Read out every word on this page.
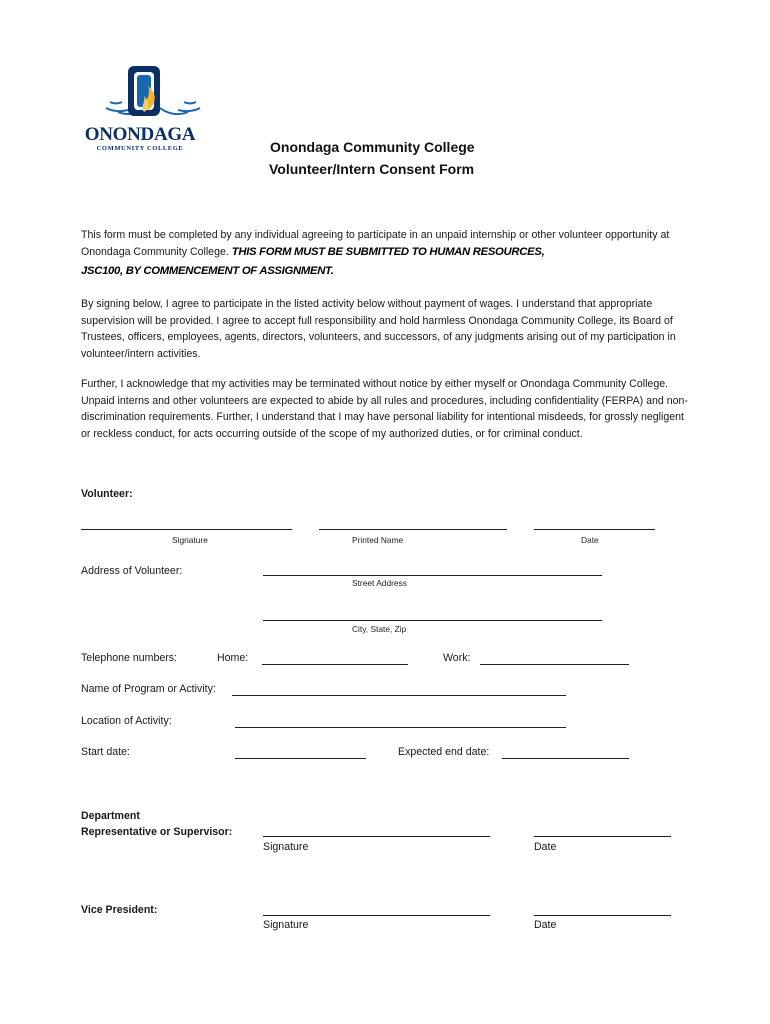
ONONDAGA
COMMUNITY COLLEGE	Onondaga Community College
Volunteer/Intern Consent Form
This form must be completed by any individual agreeing to participate in an unpaid internship or other volunteer opportunity at Onondaga Community College. THIS FORM MUST BE SUBMITTED TO HUMAN RESOURCES,
JSC100, BY COMMENCEMENT OF ASSIGNMENT.
By signing below, I agree to participate in the listed activity below without payment of wages. I understand that appropriate supervision will be provided. I agree to accept full responsibility and hold harmless Onondaga Community College, its Board of Trustees, officers, employees, agents, directors, volunteers, and successors, of any judgments arising out of my participation in volunteer/intern activities.
Further, I acknowledge that my activities may be terminated without notice by either myself or Onondaga Community College. Unpaid interns and other volunteers are expected to abide by all rules and procedures, including confidentiality (FERPA) and non-discrimination requirements. Further, I understand that I may have personal liability for intentional misdeeds, for grossly negligent or reckless conduct, for acts occurring outside of the scope of my authorized duties, or for criminal conduct.
Volunteer:
Signature	Printed Name	Date
Address of Volunteer:
Street Address
City, State, Zip
Telephone numbers:	Home:	Work:
Name of Program or Activity:
Location of Activity:
Start date:	Expected end date:
Department
Representative or Supervisor:
Signature	Date
Vice President:
Signature	Date
